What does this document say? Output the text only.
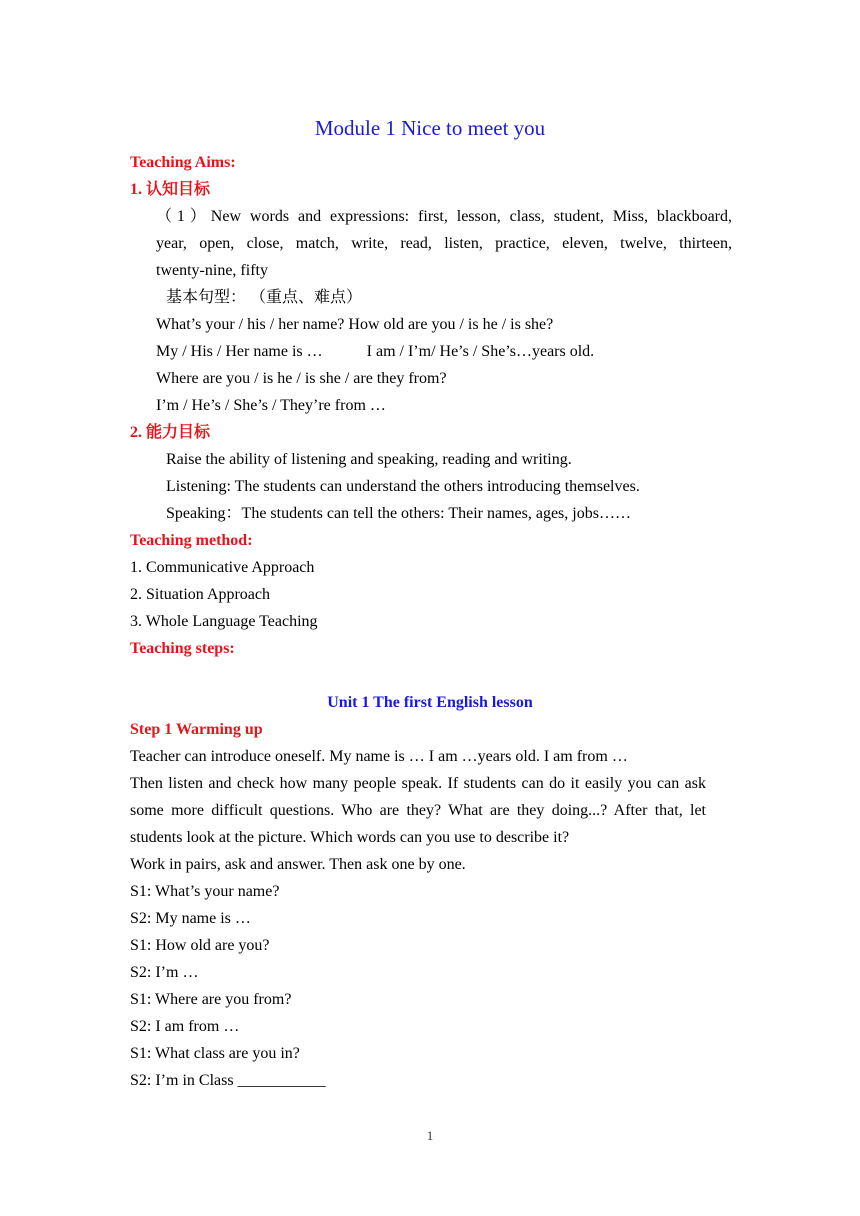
Module 1 Nice to meet you
Teaching Aims:
1. 认知目标
（1）New words and expressions: first, lesson, class, student, Miss, blackboard,
year, open, close, match, write, read, listen, practice, eleven, twelve, thirteen,
twenty-nine, fifty
基本句型： （重点、难点）
What’s your / his / her name? How old are you / is he / is she?
My / His / Her name is …	I am / I’m/ He’s / She’s…years old.
Where are you / is he / is she / are they from?
I’m / He’s / She’s / They’re from …
2. 能力目标
Raise the ability of listening and speaking, reading and writing.
Listening: The students can understand the others introducing themselves.
Speaking：The students can tell the others: Their names, ages, jobs……
Teaching method:
1. Communicative Approach
2. Situation Approach
3. Whole Language Teaching
Teaching steps:
Unit 1 The first English lesson
Step 1 Warming up
Teacher can introduce oneself. My name is … I am …years old. I am from …
Then listen and check how many people speak. If students can do it easily you can ask
some more difficult questions. Who are they? What are they doing...? After that, let
students look at the picture. Which words can you use to describe it?
Work in pairs, ask and answer. Then ask one by one.
S1: What’s your name?
S2: My name is …
S1: How old are you?
S2: I’m …
S1: Where are you from?
S2: I am from …
S1: What class are you in?
S2: I’m in Class ___________
1
